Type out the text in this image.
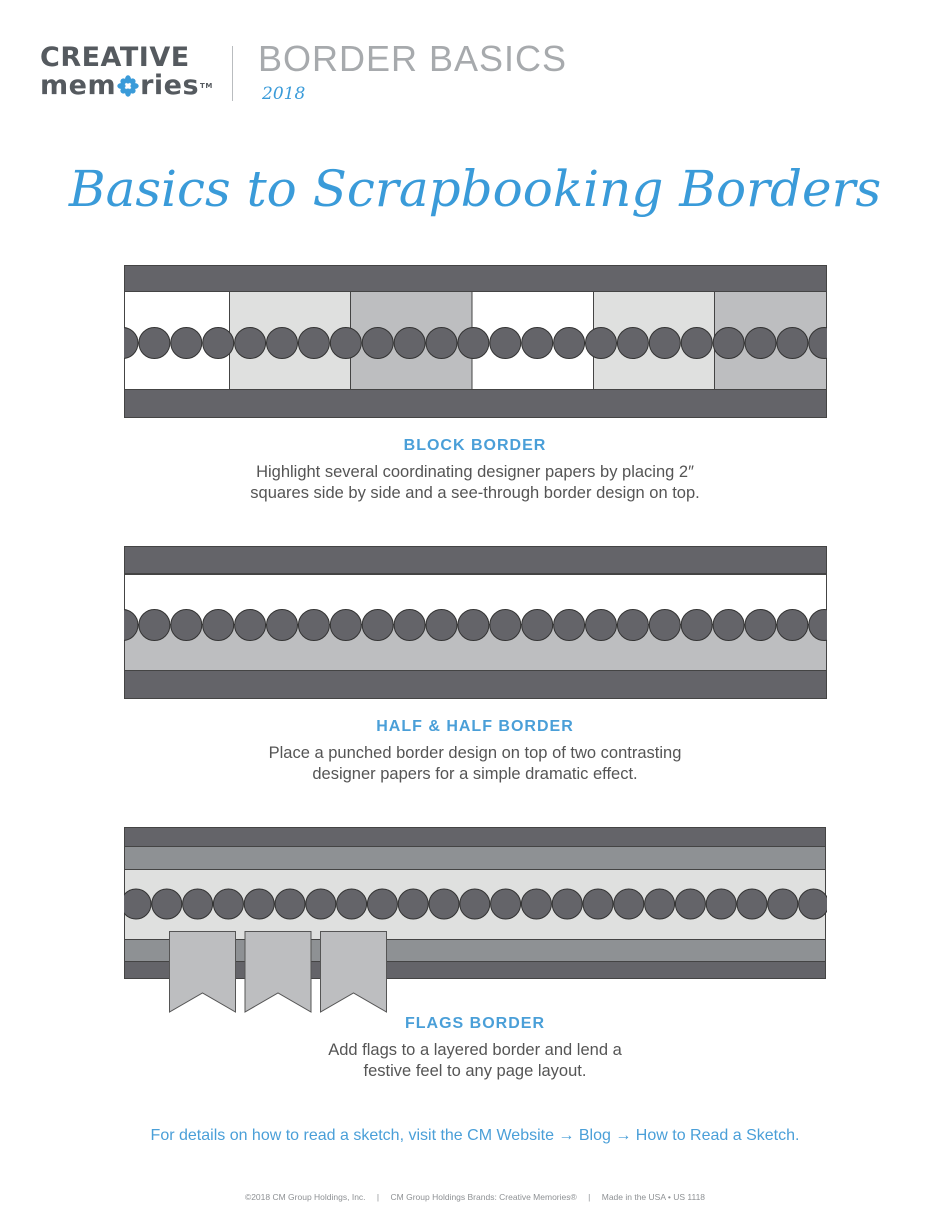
CREATIVE
mem ries TM
BORDER BASICS
2018
Basics to Scrapbooking Borders
BLOCK BORDER
Highlight several coordinating designer papers by placing 2″
squares side by side and a see-through border design on top.
HALF & HALF BORDER
Place a punched border design on top of two contrasting
designer papers for a simple dramatic effect.
FLAGS BORDER
Add flags to a layered border and lend a
festive feel to any page layout.
For details on how to read a sketch, visit the CM Website → Blog → How to Read a Sketch.
©2018 CM Group Holdings, Inc. | CM Group Holdings Brands: Creative Memories® | Made in the USA • US 1118
